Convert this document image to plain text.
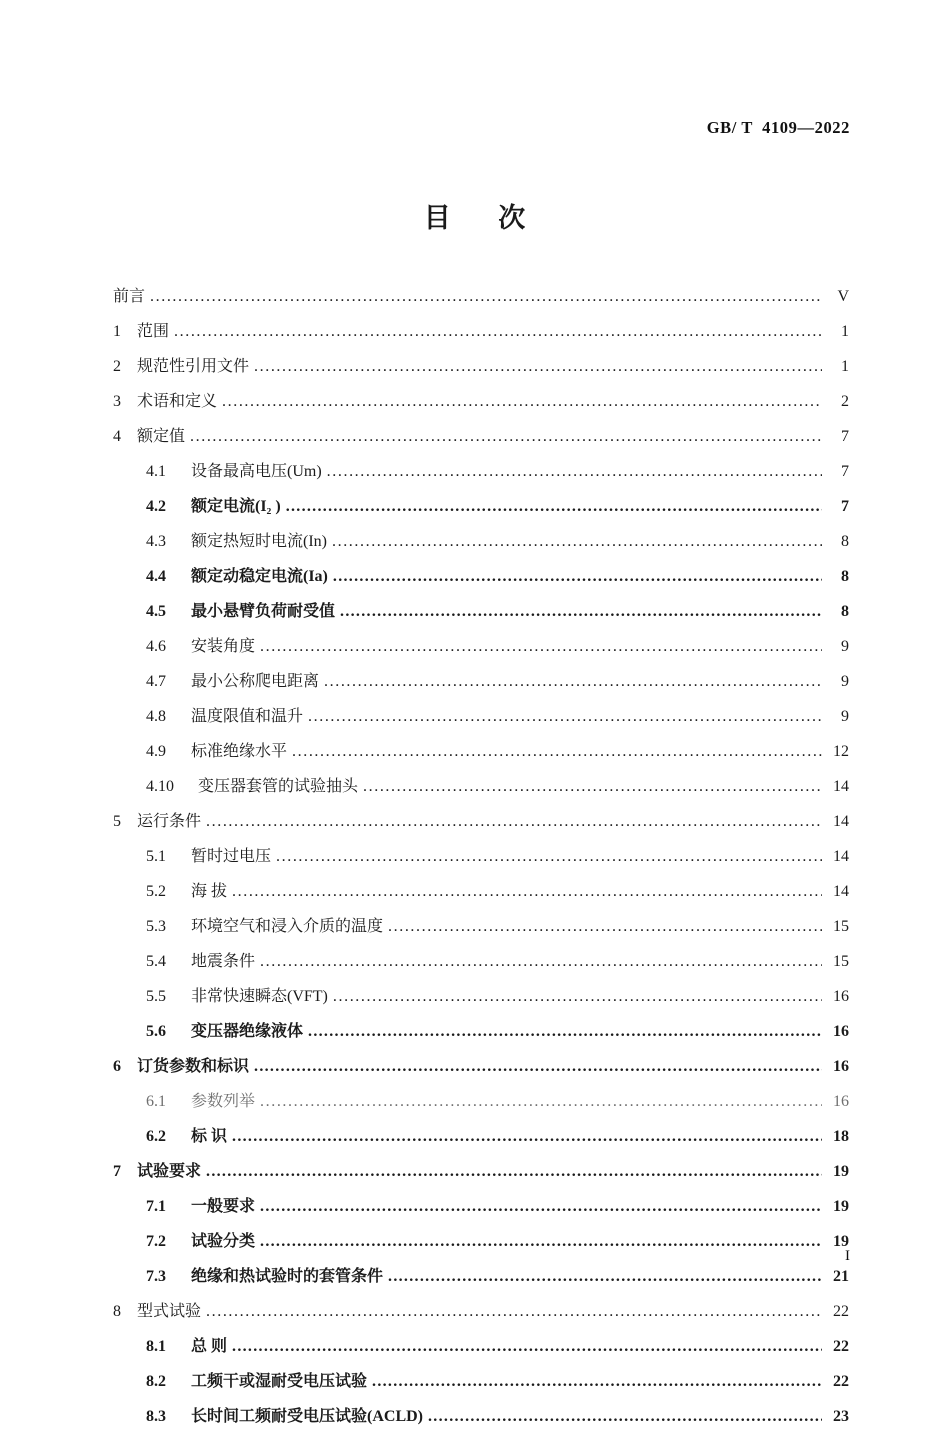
GB/ T  4109—2022
目      次
前言 .....	V
1	范围 .....	1
2	规范性引用文件 .....	1
3	术语和定义 .....	2
4	额定值 .....	7
4.1	设备最高电压(Um) .....	7
4.2	额定电流(I₂ ) .....	7
4.3	额定热短时电流(In) .....	8
4.4	额定动稳定电流(Ia) .....	8
4.5	最小悬臂负荷耐受值 .....	8
4.6	安装角度 .....	9
4.7	最小公称爬电距离 .....	9
4.8	温度限值和温升 .....	9
4.9	标准绝缘水平 .....	12
4.10	变压器套管的试验抽头 .....	14
5	运行条件 .....	14
5.1	暂时过电压 .....	14
5.2	海 拔 .....	14
5.3	环境空气和浸入介质的温度 .....	15
5.4	地震条件 .....	15
5.5	非常快速瞬态(VFT) .....	16
5.6	变压器绝缘液体 .....	16
6	订货参数和标识 .....	16
6.1	参数列举 .....	16
6.2	标 识 .....	18
7	试验要求 .....	19
7.1	一般要求 .....	19
7.2	试验分类 .....	19
7.3	绝缘和热试验时的套管条件 .....	21
8	型式试验 .....	22
8.1	总 则 .....	22
8.2	工频干或湿耐受电压试验 .....	22
8.3	长时间工频耐受电压试验(ACLD) .....	23
I
